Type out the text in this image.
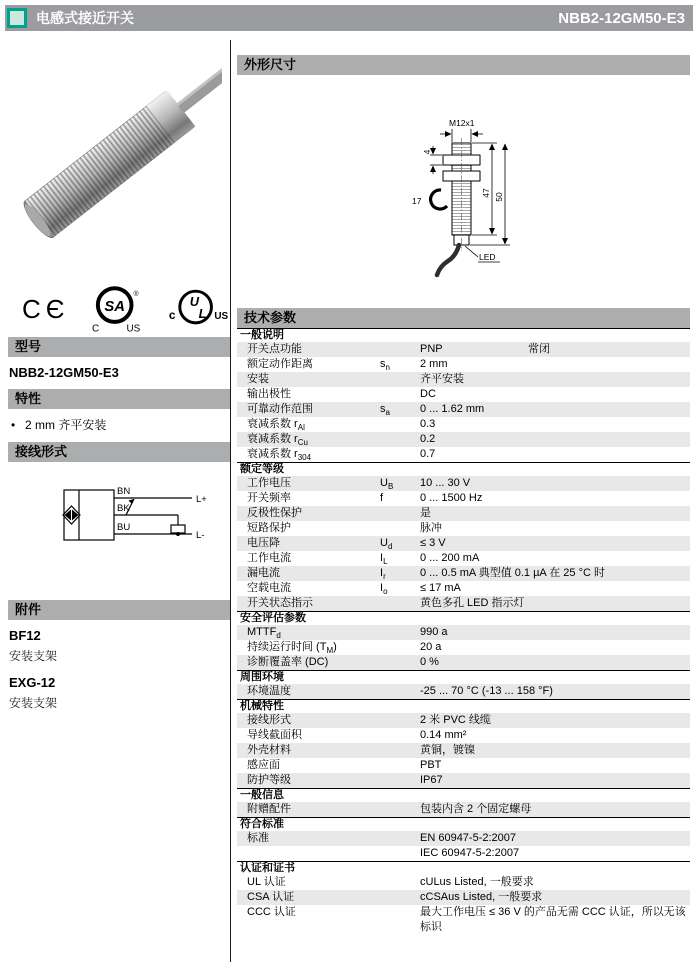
电感式接近开关	NBB2-12GM50-E3
CЄ SA
®
C	US
U
L
c	US
型号
NBB2-12GM50-E3
特性
• 2 mm 齐平安装
接线形式
BN
BK
BU
L+
L-
附件
BF12
安装支架
EXG-12
安装支架
外形尺寸
M12x1
4
17
47 50
LED
技术参数
一般说明
开关点功能	PNP	常闭
额定动作距离	$s_n$	2 mm
安装	齐平安装
输出极性	DC
可靠动作范围	$s_a$	0 ... 1.62 mm
衰减系数 $r_{Al}$	0.3
衰减系数 $r_{Cu}$	0.2
衰减系数 $r_{304}$	0.7
额定等级
工作电压	$U_B$	10 ... 30 V
开关频率	f	0 ... 1500 Hz
反极性保护	是
短路保护	脉冲
电压降	$U_d$	≤ 3 V
工作电流	$I_L$	0 ... 200 mA
漏电流	$I_r$	0 ... 0.5 mA 典型值 0.1 µA 在 25 °C 时
空载电流	$I_o$	≤ 17 mA
开关状态指示	黄色多孔 LED 指示灯
安全评估参数
$MTTF_d$	990 a
持续运行时间 $(T_M)$	20 a
诊断覆盖率 (DC)	0 %
周围环境
环境温度	-25 ... 70 °C (-13 ... 158 °F)
机械特性
接线形式	2 米 PVC 线缆
导线截面积	0.14 mm²
外壳材料	黄铜，镀镍
感应面	PBT
防护等级	IP67
一般信息
附赠配件	包装内含 2 个固定螺母
符合标准
标准	EN 60947-5-2:2007
IEC 60947-5-2:2007
认证和证书
UL 认证	cULus Listed, 一般要求
CSA 认证	cCSAus Listed, 一般要求
CCC 认证	最大工作电压 ≤ 36 V 的产品无需 CCC 认证，所以无该标识
